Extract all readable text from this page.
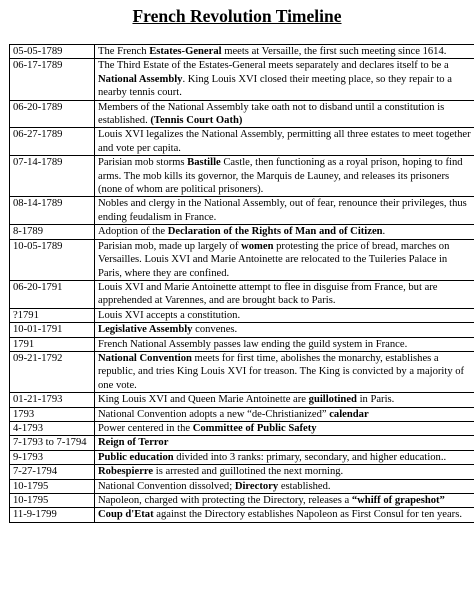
French Revolution Timeline
05-05-1789	The French Estates-General meets at Versaille, the first such meeting since 1614.
06-17-1789	The Third Estate of the Estates-General meets separately and declares itself to be a National Assembly. King Louis XVI closed their meeting place, so they repair to a nearby tennis court.
06-20-1789	Members of the National Assembly take oath not to disband until a constitution is established. (Tennis Court Oath)
06-27-1789	Louis XVI legalizes the National Assembly, permitting all three estates to meet together and vote per capita.
07-14-1789	Parisian mob storms Bastille Castle, then functioning as a royal prison, hoping to find arms. The mob kills its governor, the Marquis de Launey, and releases its prisoners (none of whom are political prisoners).
08-14-1789	Nobles and clergy in the National Assembly, out of fear, renounce their privileges, thus ending feudalism in France.
8-1789	Adoption of the Declaration of the Rights of Man and of Citizen.
10-05-1789	Parisian mob, made up largely of women protesting the price of bread, marches on Versailles. Louis XVI and Marie Antoinette are relocated to the Tuileries Palace in Paris, where they are confined.
06-20-1791	Louis XVI and Marie Antoinette attempt to flee in disguise from France, but are apprehended at Varennes, and are brought back to Paris.
?1791	Louis XVI accepts a constitution.
10-01-1791	Legislative Assembly convenes.
1791	French National Assembly passes law ending the guild system in France.
09-21-1792	National Convention meets for first time, abolishes the monarchy, establishes a republic, and tries King Louis XVI for treason. The King is convicted by a majority of one vote.
01-21-1793	King Louis XVI and Queen Marie Antoinette are guillotined in Paris.
1793	National Convention adopts a new “de-Christianized” calendar
4-1793	Power centered in the Committee of Public Safety
7-1793 to 7-1794	Reign of Terror
9-1793	Public education divided into 3 ranks: primary, secondary, and higher education..
7-27-1794	Robespierre is arrested and guillotined the next morning.
10-1795	National Convention dissolved; Directory established.
10-1795	Napoleon, charged with protecting the Directory, releases a “whiff of grapeshot”
11-9-1799	Coup d'Etat against the Directory establishes Napoleon as First Consul for ten years.
